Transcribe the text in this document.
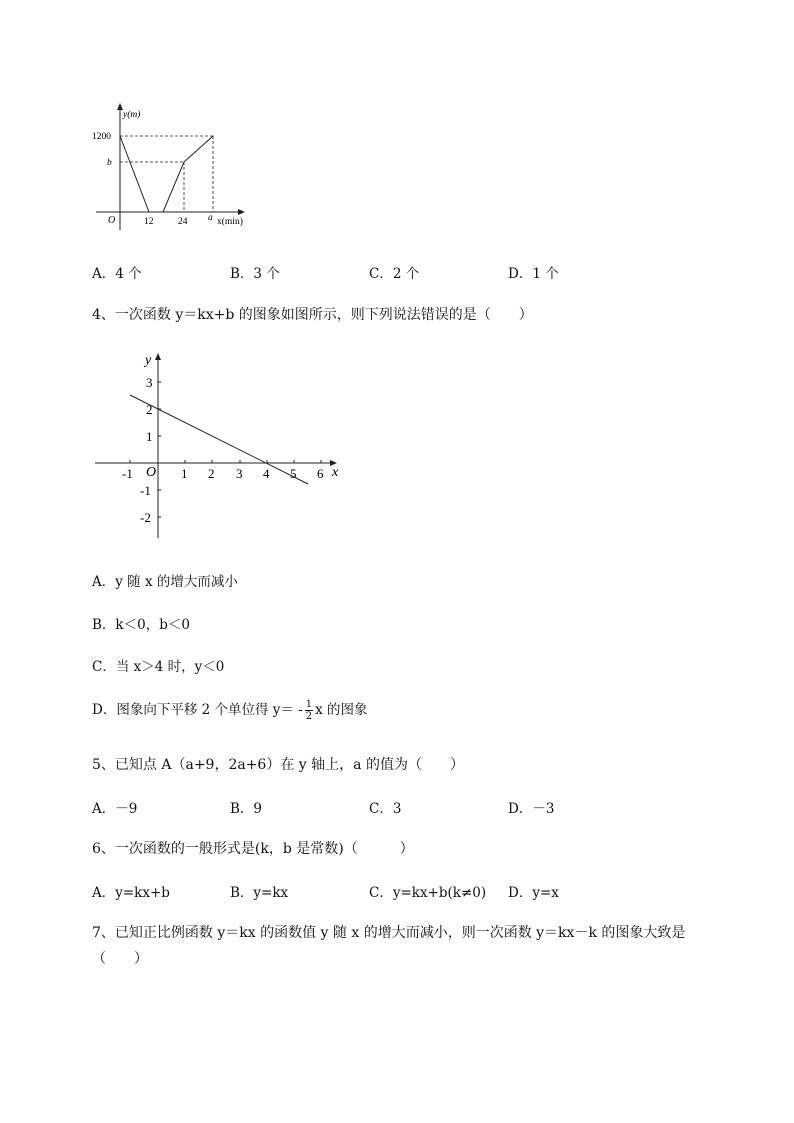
y(m)
1200
b
O	12	24 a x(min)
A．4 个	B．3 个	C．2 个	D．1 个
4、一次函数 y＝kx+b 的图象如图所示，则下列说法错误的是（　　）
y
x
O
-1	1 2 3 4 5 6
3
2
1
-1
-2
A．y 随 x 的增大而减小
B．k＜0，b＜0
C．当 x＞4 时，y＜0
D．图象向下平移 2 个单位得 $y= - \frac{1}{2}$ x 的图象
5、已知点 A（a+9，2a+6）在 y 轴上，a 的值为（　　）
A．－9	B．9	C．3	D．－3
6、一次函数的一般形式是(k，b 是常数)（　　　）
A．y=kx+b	B．y=kx	C．y=kx+b(k≠0) D．y=x
7、已知正比例函数 y＝kx 的函数值 y 随 x 的增大而减小，则一次函数 y＝kx－k 的图象大致是
（　　）
